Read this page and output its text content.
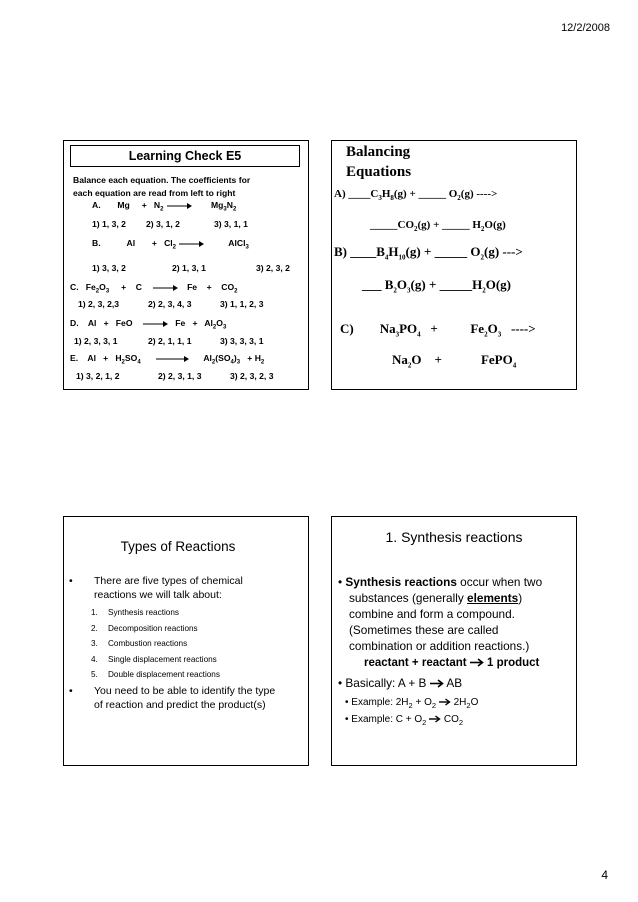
12/2/2008
Learning Check E5
Balance each equation. The coefficients for
each equation are read from left to right
A. $Mg + N_2 \to Mg_3N_2$
1) 1, 3, 2 2) 3, 1, 2	3) 3, 1, 1
B.	$Al + Cl_2$ →	AlCl$_3$
1) 3, 3, 2	2) 1, 3, 1	3) 2, 3, 2
C. $Fe_2O_3 + C \to Fe + CO_2$
1) 2, 3, 2,3	2) 2, 3, 4, 3	3) 1, 1, 2, 3
D. Al + FeO → $Fe + Al_2O_3$
1) 2, 3, 3, 1	2) 2, 1, 1, 1	3) 3, 3, 3, 1
E. $Al + H_2SO_4$	$Al_2(SO_4)_3 + H_2$
1) 3, 2, 1, 2	2) 2, 3, 1, 3	3) 2, 3, 2, 3
Balancing
Equations
A) $\_\_\_\_C_3H_8(g)$ + _____ $O_2(g)$ ---->
$\_\_\_\_\_CO_2(g)$ + _____ $H_2O(g)$
B) $\_\_\_\_B_4H_{10}(g)$ + _____ $O_2(g)$ --->
___ $B_2O_3(g)$ + $\_\_\_\_\_H_2O(g)$
C) $Na_3PO_4$ +	$Fe_2O_3$ ---->
$Na_2O$ +	FePO$_4$
Types of Reactions
• There are five types of chemical
reactions we will talk about:
1. Synthesis reactions
2. Decomposition reactions
3. Combustion reactions
4. Single displacement reactions
5. Double displacement reactions
• You need to be able to identify the type
of reaction and predict the product(s)
1. Synthesis reactions
• Synthesis reactions occur when two
substances (generally elements)
combine and form a compound.
(Sometimes these are called
combination or addition reactions.)
reactant + reactant 1 product
• Basically: A + B AB
• Example: $2H_2 + O_2$ $2H_2O$
• Example: $C + O_2$ $CO_2$
4
